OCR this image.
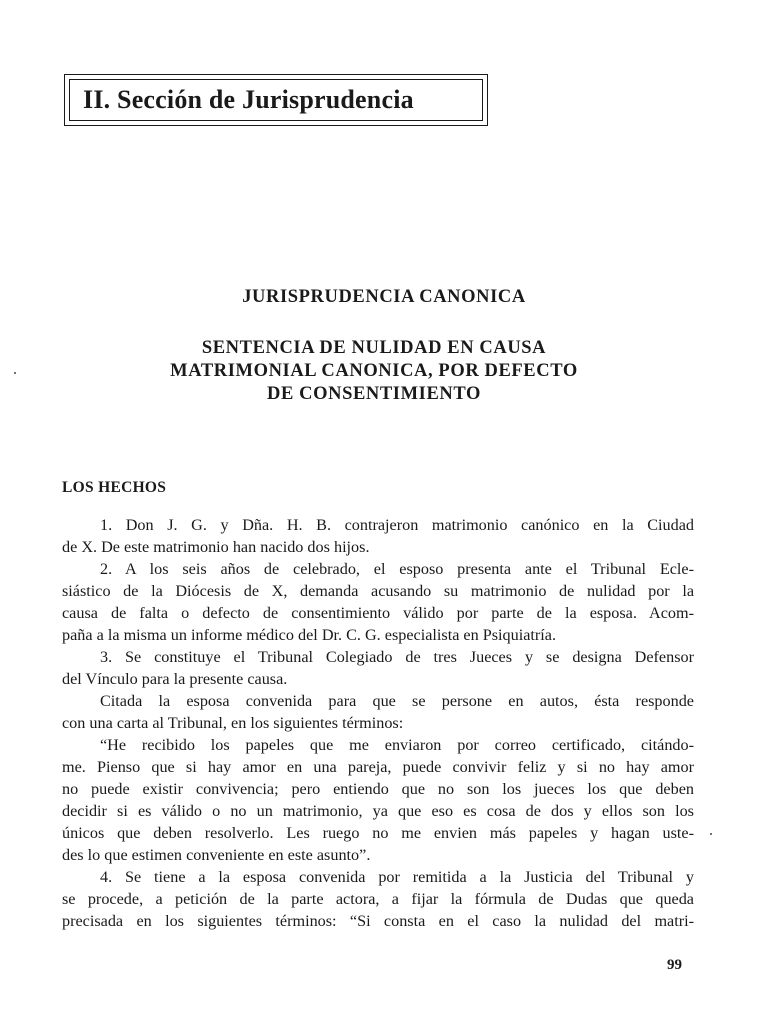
II. Sección de Jurisprudencia
JURISPRUDENCIA CANONICA
SENTENCIA DE NULIDAD EN CAUSA
MATRIMONIAL CANONICA, POR DEFECTO
DE CONSENTIMIENTO
LOS HECHOS

1. Don J. G. y Dña. H. B. contrajeron matrimonio canónico en la Ciudad
de X. De este matrimonio han nacido dos hijos.

2. A los seis años de celebrado, el esposo presenta ante el Tribunal Ecle-
siástico de la Diócesis de X, demanda acusando su matrimonio de nulidad por la
causa de falta o defecto de consentimiento válido por parte de la esposa. Acom-
paña a la misma un informe médico del Dr. C. G. especialista en Psiquiatría.

3. Se constituye el Tribunal Colegiado de tres Jueces y se designa Defensor
del Vínculo para la presente causa.

Citada la esposa convenida para que se persone en autos, ésta responde
con una carta al Tribunal, en los siguientes términos:

“He recibido los papeles que me enviaron por correo certificado, citándo-
me. Pienso que si hay amor en una pareja, puede convivir feliz y si no hay amor
no puede existir convivencia; pero entiendo que no son los jueces los que deben
decidir si es válido o no un matrimonio, ya que eso es cosa de dos y ellos son los
únicos que deben resolverlo. Les ruego no me envien más papeles y hagan uste-
des lo que estimen conveniente en este asunto”.

4. Se tiene a la esposa convenida por remitida a la Justicia del Tribunal y
se procede, a petición de la parte actora, a fijar la fórmula de Dudas que queda
precisada en los siguientes términos: “Si consta en el caso la nulidad del matri-

99
